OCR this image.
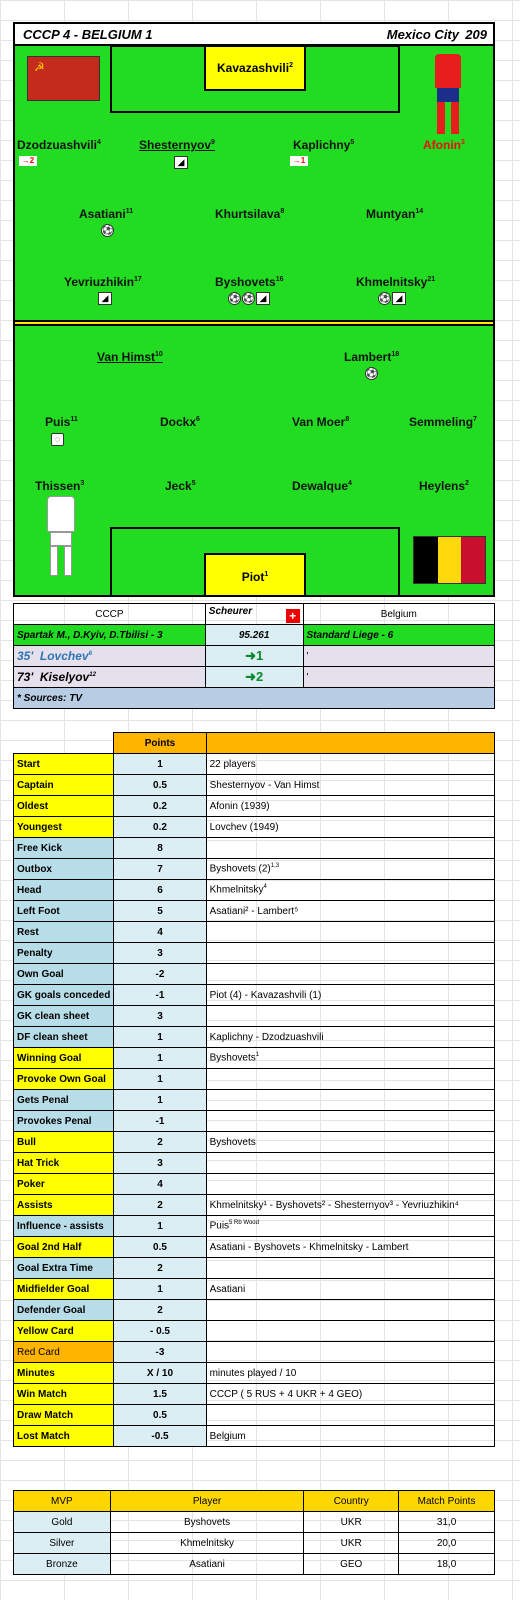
CCCP 4 - BELGIUM 1	Mexico City 209
Kavazashvili$^2$
☭
Dzodzuashvili$^4$
→2
Shesternyov$^9$
◢
Kaplichny$^5$
→1
Afonin$^3$
Asatiani$^{11}$
⚽
Khurtsilava$^8$	Muntyan$^{14}$
Yevriuzhikin$^{17}$
◢
Byshovets$^{16}$
⚽ ⚽ ◢
Khmelnitsky$^{21}$
⚽ ◢
Van Himst$^{10}$	Lambert$^{18}$
⚽
Puis$^{11}$
◌
Dockx$^6$	Van Moer$^8$	Semmeling$^7$
Thissen$^3$	Jeck$^5$	Dewalque$^4$	Heylens$^2$
Piot$^1$
CCCP	Scheurer +	Belgium
Spartak M., D.Kyiv, D.Tbilisi - 3	95.261	Standard Liege - 6
35' Lovchev$^6$	➜1	'
73' Kiselyov$^{12}$	➜2	'
* Sources: TV		
	Points	
Start	1	22 players
Captain	0.5	Shesternyov - Van Himst
Oldest	0.2	Afonin (1939)
Youngest	0.2	Lovchev (1949)
Free Kick	8	
Outbox	7	Byshovets $(2)^{1,3}$
Head	6	Khmelnitsky$^4$
Left Foot	5	Asatiani² - Lambert⁵
Rest	4	
Penalty	3	
Own Goal	-2	
GK goals conceded	-1	Piot (4) - Kavazashvili (1)
GK clean sheet	3	
DF clean sheet	1	Kaplichny - Dzodzuashvili
Winning Goal	1	Byshovets$^1$
Provoke Own Goal	1	
Gets Penal	1	
Provokes Penal	-1	
Bull	2	Byshovets
Hat Trick	3	
Poker	4	
Assists	2	Khmelnitsky¹ - Byshovets² - Shesternyov³ - Yevriuzhikin⁴
Influence - assists	1	Puis$^{5 Rb Wood}$
Goal 2nd Half	0.5	Asatiani - Byshovets - Khmelnitsky - Lambert
Goal Extra Time	2	
Midfielder Goal	1	Asatiani
Defender Goal	2	
Yellow Card	- 0.5	
Red Card	-3	
Minutes	X / 10	minutes played / 10
Win Match	1.5	CCCP ( 5 RUS + 4 UKR + 4 GEO)
Draw Match	0.5	
Lost Match	-0.5	Belgium
MVP	Player	Country	Match Points
Gold	Byshovets	UKR	31,0
Silver	Khmelnitsky	UKR	20,0
Bronze	Asatiani	GEO	18,0
